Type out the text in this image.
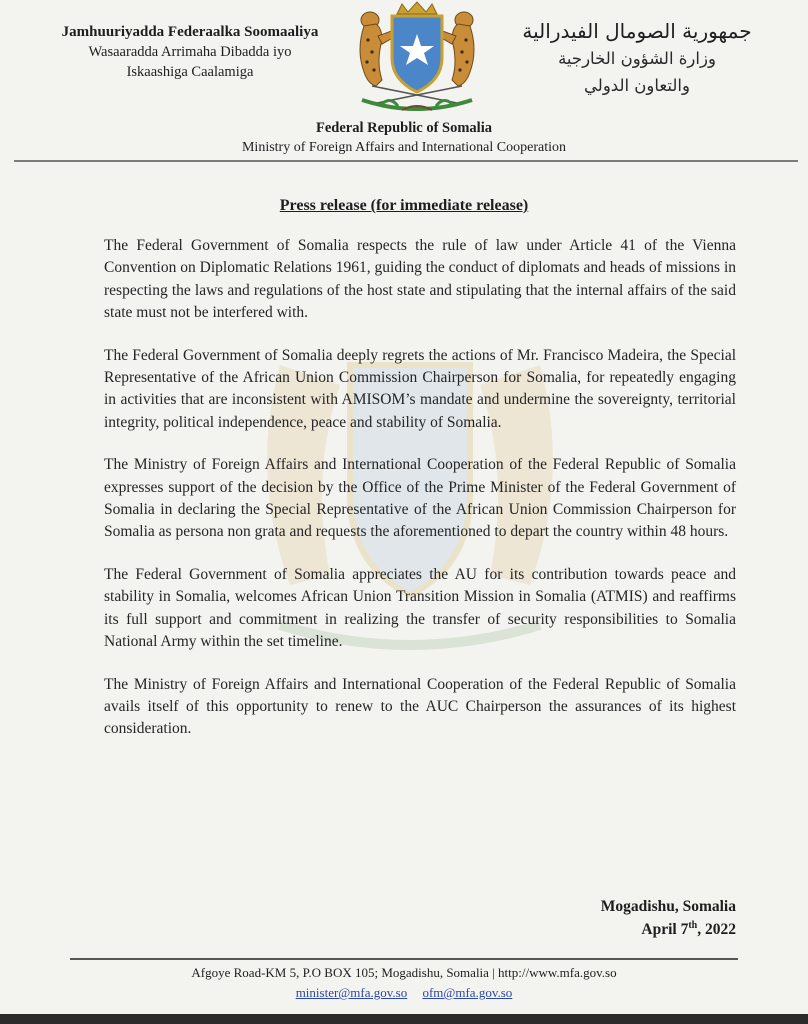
Jamhuuriyadda Federaalka Soomaaliya
Wasaaradda Arrimaha Dibadda iyo
Iskaashiga Caalamiga
جمهورية الصومال الفيدرالية
وزارة الشؤون الخارجية
والتعاون الدولي
Federal Republic of Somalia
Ministry of Foreign Affairs and International Cooperation
Press release (for immediate release)

The Federal Government of Somalia respects the rule of law under Article 41 of the Vienna Convention on Diplomatic Relations 1961, guiding the conduct of diplomats and heads of missions in respecting the laws and regulations of the host state and stipulating that the internal affairs of the said state must not be interfered with.

The Federal Government of Somalia deeply regrets the actions of Mr. Francisco Madeira, the Special Representative of the African Union Commission Chairperson for Somalia, for repeatedly engaging in activities that are inconsistent with AMISOM’s mandate and undermine the sovereignty, territorial integrity, political independence, peace and stability of Somalia.

The Ministry of Foreign Affairs and International Cooperation of the Federal Republic of Somalia expresses support of the decision by the Office of the Prime Minister of the Federal Government of Somalia in declaring the Special Representative of the African Union Commission Chairperson for Somalia as persona non grata and requests the aforementioned to depart the country within 48 hours.

The Federal Government of Somalia appreciates the AU for its contribution towards peace and stability in Somalia, welcomes African Union Transition Mission in Somalia (ATMIS) and reaffirms its full support and commitment in realizing the transfer of security responsibilities to Somalia National Army within the set timeline.

The Ministry of Foreign Affairs and International Cooperation of the Federal Republic of Somalia avails itself of this opportunity to renew to the AUC Chairperson the assurances of its highest consideration.

Mogadishu, Somalia
April 7th, 2022
Afgoye Road-KM 5, P.O BOX 105; Mogadishu, Somalia | http://www.mfa.gov.so
minister@mfa.gov.so ofm@mfa.gov.so
